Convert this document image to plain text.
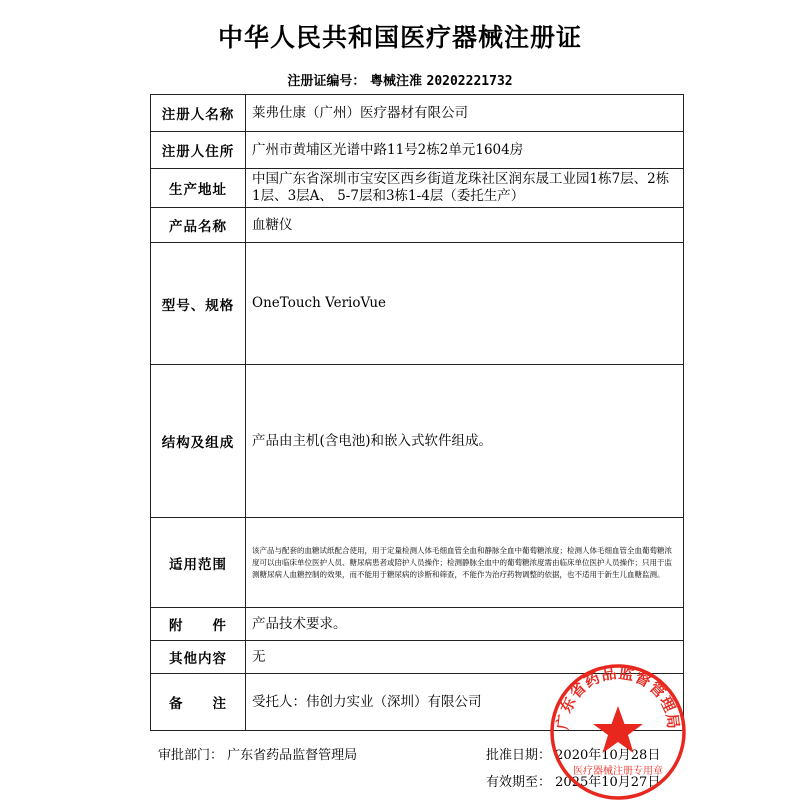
中华人民共和国医疗器械注册证
注册证编号： 粤械注准 20202221732
注册人名称	莱弗仕康（广州）医疗器材有限公司
注册人住所	广州市黄埔区光谱中路11号2栋2单元1604房
生产地址	中国广东省深圳市宝安区西乡街道龙珠社区润东晟工业园1栋7层、2栋1层、3层A、 5-7层和3栋1-4层（委托生产）
产品名称	血糖仪
型号、规格	OneTouch VerioVue
结构及组成	产品由主机(含电池)和嵌入式软件组成。
适用范围	该产品与配套的血糖试纸配合使用，用于定量检测人体毛细血管全血和静脉全血中葡萄糖浓度；检测人体毛细血管全血葡萄糖浓度可以由临床单位医护人员、糖尿病患者或陪护人员操作；检测静脉全血中的葡萄糖浓度需由临床单位医护人员操作；只用于监测糖尿病人血糖控制的效果，而不能用于糖尿病的诊断和筛查，不能作为治疗药物调整的依据，也不适用于新生儿血糖监测。
附　　件	产品技术要求。
其他内容	无
备　　注	受托人：伟创力实业（深圳）有限公司
审批部门： 广东省药品监督管理局	批准日期： 2020年10月28日
有效期至： 2025年10月27日
广东省药品监督管理局
医疗器械注册专用章
